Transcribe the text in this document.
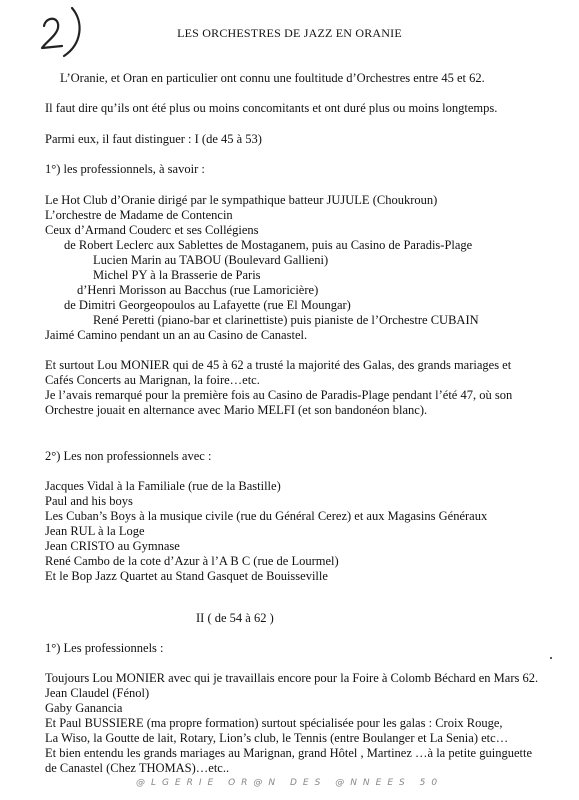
LES ORCHESTRES DE JAZZ EN ORANIE
L’Oranie, et Oran en particulier ont connu une foultitude d’Orchestres entre 45 et 62.
Il faut dire qu’ils ont été plus ou moins concomitants et ont duré plus ou moins longtemps.
Parmi eux, il faut distinguer : I (de 45 à 53)
1°) les professionnels, à savoir :
Le Hot Club d’Oranie dirigé par le sympathique batteur JUJULE (Choukroun)
L’orchestre de Madame de Contencin
Ceux d’Armand Couderc et ses Collégiens
de Robert Leclerc aux Sablettes de Mostaganem, puis au Casino de Paradis-Plage
Lucien Marin au TABOU (Boulevard Gallieni)
Michel PY à la Brasserie de Paris
d’Henri Morisson au Bacchus (rue Lamoricière)
de Dimitri Georgeopoulos au Lafayette (rue El Moungar)
René Peretti (piano-bar et clarinettiste) puis pianiste de l’Orchestre CUBAIN
Jaimé Camino pendant un an au Casino de Canastel.
Et surtout Lou MONIER qui de 45 à 62 a trusté la majorité des Galas, des grands mariages et
Cafés Concerts au Marignan, la foire…etc.
Je l’avais remarqué pour la première fois au Casino de Paradis-Plage pendant l’été 47, où son
Orchestre jouait en alternance avec Mario MELFI (et son bandonéon blanc).
2°) Les non professionnels avec :
Jacques Vidal à la Familiale (rue de la Bastille)
Paul and his boys
Les Cuban’s Boys à la musique civile (rue du Général Cerez) et aux Magasins Généraux
Jean RUL à la Loge
Jean CRISTO au Gymnase
René Cambo de la cote d’Azur à l’A B C (rue de Lourmel)
Et le Bop Jazz Quartet au Stand Gasquet de Bouisseville
II ( de 54 à 62 )
1°) Les professionnels :
Toujours Lou MONIER avec qui je travaillais encore pour la Foire à Colomb Béchard en Mars 62.
Jean Claudel (Fénol)
Gaby Ganancia
Et Paul BUSSIERE (ma propre formation) surtout spécialisée pour les galas : Croix Rouge,
La Wiso, la Goutte de lait, Rotary, Lion’s club, le Tennis (entre Boulanger et La Senia) etc…
Et bien entendu les grands mariages au Marignan, grand Hôtel , Martinez …à la petite guinguette
de Canastel (Chez THOMAS)…etc..
@LGERIE OR@N DES @NNEES 50
